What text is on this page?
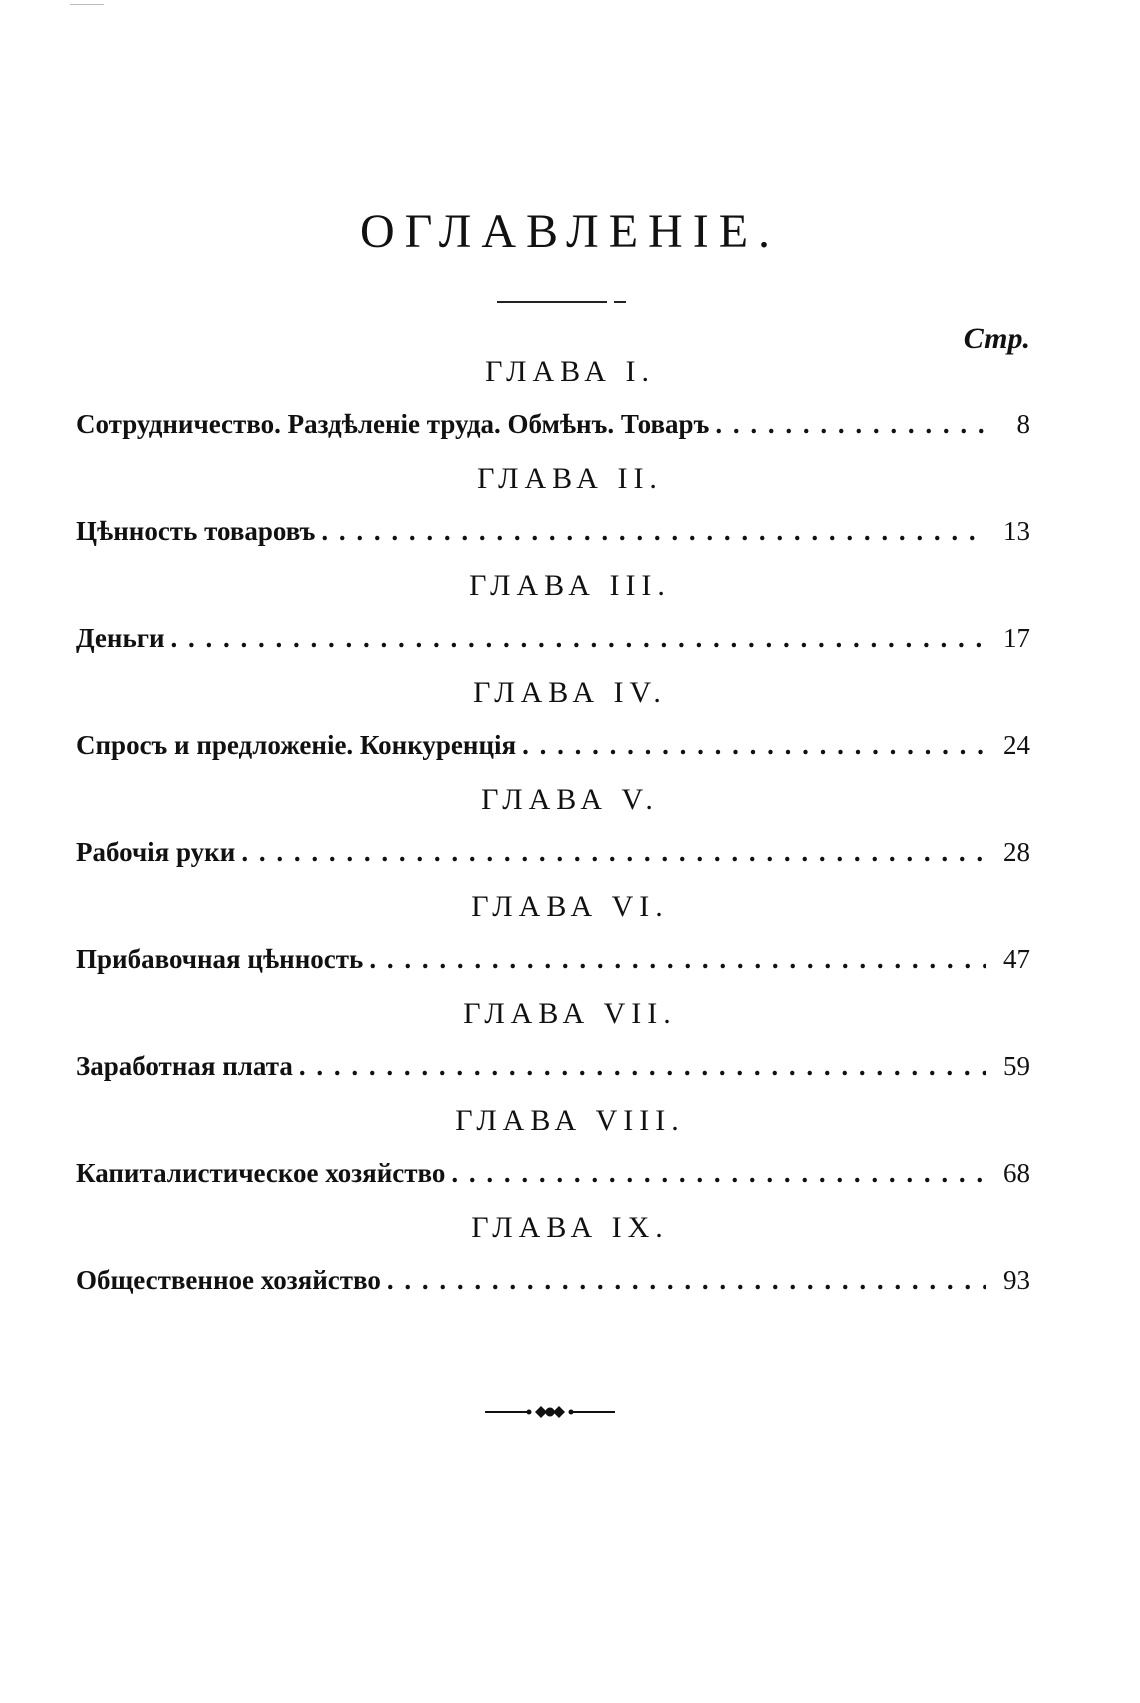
ОГЛАВЛЕНIЕ.
Стр.
ГЛАВА I.
Сотрудничество. Раздѣленіе труда. Обмѣнъ. Товаръ . . .	8
ГЛАВА II.
Цѣнность товаровъ . . .	13
ГЛАВА III.
Деньги . . .	17
ГЛАВА IV.
Спросъ и предложеніе. Конкуренція . . .	24
ГЛАВА V.
Рабочія руки . . .	28
ГЛАВА VI.
Прибавочная цѣнность . . .	47
ГЛАВА VII.
Заработная плата . . .	59
ГЛАВА VIII.
Капиталистическое хозяйство . . .	68
ГЛАВА IX.
Общественное хозяйство . . .	93
